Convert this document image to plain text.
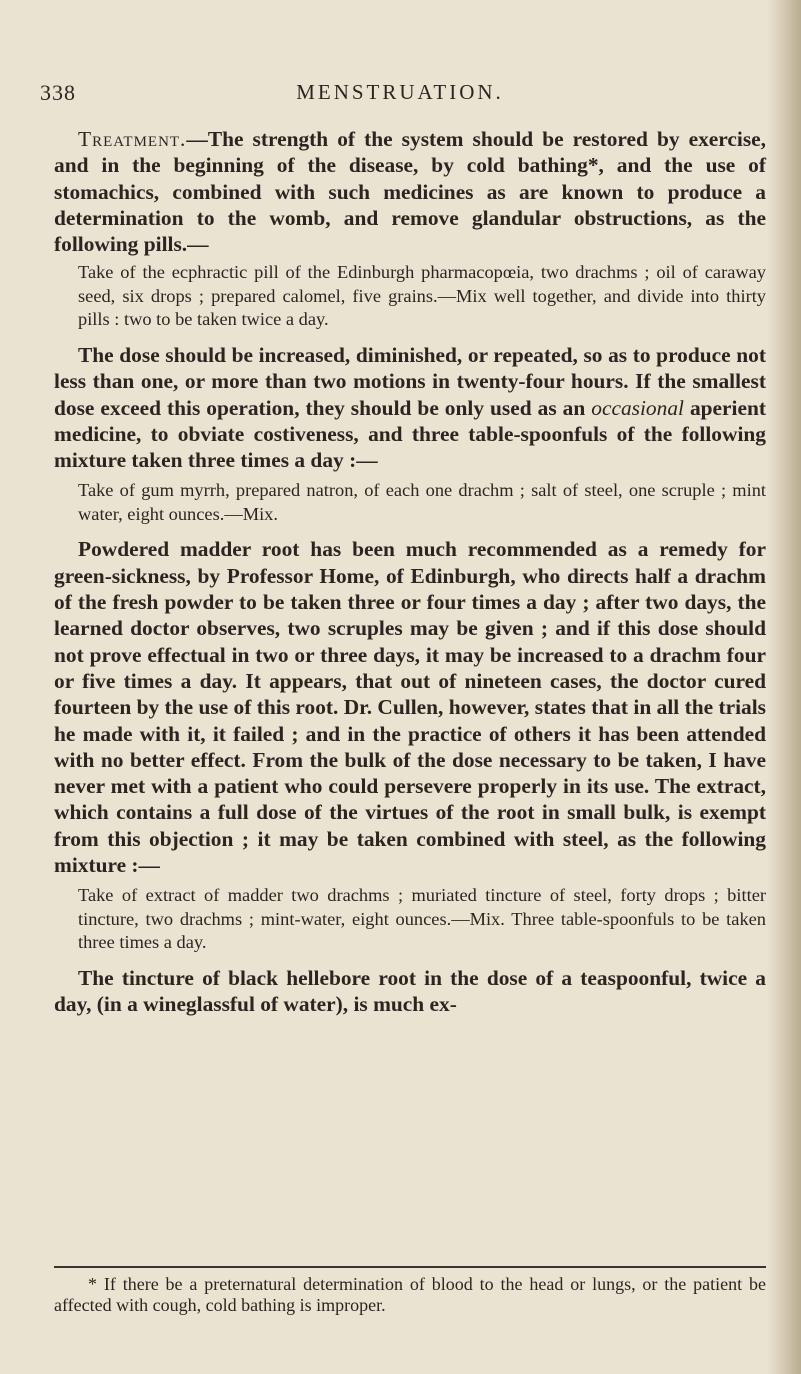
338	MENSTRUATION.

Treatment.—The strength of the system should be restored by exercise, and in the beginning of the disease, by cold bathing*, and the use of stomachics, combined with such medicines as are known to produce a determination to the womb, and remove glandular obstructions, as the following pills.—

Take of the ecphractic pill of the Edinburgh pharmacopœia, two drachms ; oil of caraway seed, six drops ; prepared calomel, five grains.—Mix well together, and divide into thirty pills : two to be taken twice a day.

The dose should be increased, diminished, or repeated, so as to produce not less than one, or more than two motions in twenty-four hours. If the smallest dose exceed this operation, they should be only used as an occasional aperient medicine, to obviate costiveness, and three table-spoonfuls of the following mixture taken three times a day :—

Take of gum myrrh, prepared natron, of each one drachm ; salt of steel, one scruple ; mint water, eight ounces.—Mix.

Powdered madder root has been much recommended as a remedy for green-sickness, by Professor Home, of Edinburgh, who directs half a drachm of the fresh powder to be taken three or four times a day ; after two days, the learned doctor observes, two scruples may be given ; and if this dose should not prove effectual in two or three days, it may be increased to a drachm four or five times a day. It appears, that out of nineteen cases, the doctor cured fourteen by the use of this root. Dr. Cullen, however, states that in all the trials he made with it, it failed ; and in the practice of others it has been attended with no better effect. From the bulk of the dose necessary to be taken, I have never met with a patient who could persevere properly in its use. The extract, which contains a full dose of the virtues of the root in small bulk, is exempt from this objection ; it may be taken combined with steel, as the following mixture :—

Take of extract of madder two drachms ; muriated tincture of steel, forty drops ; bitter tincture, two drachms ; mint-water, eight ounces.—Mix. Three table-spoonfuls to be taken three times a day.

The tincture of black hellebore root in the dose of a teaspoonful, twice a day, (in a wineglassful of water), is much ex-

* If there be a preternatural determination of blood to the head or lungs, or the patient be affected with cough, cold bathing is improper.
